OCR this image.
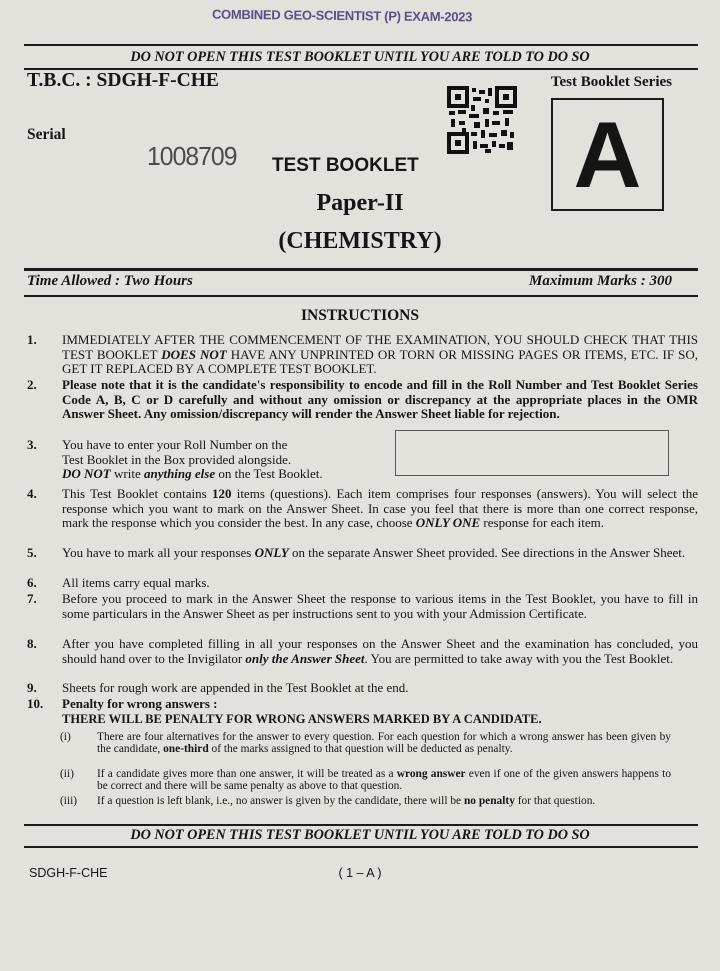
COMBINED GEO-SCIENTIST (P) EXAM-2023
DO NOT OPEN THIS TEST BOOKLET UNTIL YOU ARE TOLD TO DO SO
T.B.C. : SDGH-F-CHE	Test Booklet Series
A
Serial
1008709 TEST BOOKLET
Paper-II
(CHEMISTRY)
Time Allowed : Two Hours	Maximum Marks : 300
INSTRUCTIONS
1.	IMMEDIATELY AFTER THE COMMENCEMENT OF THE EXAMINATION, YOU SHOULD CHECK THAT THIS TEST BOOKLET DOES NOT HAVE ANY UNPRINTED OR TORN OR MISSING PAGES OR ITEMS, ETC. IF SO, GET IT REPLACED BY A COMPLETE TEST BOOKLET.
2.	Please note that it is the candidate's responsibility to encode and fill in the Roll Number and Test Booklet Series Code A, B, C or D carefully and without any omission or discrepancy at the appropriate places in the OMR Answer Sheet. Any omission/discrepancy will render the Answer Sheet liable for rejection.
3.	You have to enter your Roll Number on the
Test Booklet in the Box provided alongside.
DO NOT write anything else on the Test Booklet.
4.	This Test Booklet contains 120 items (questions). Each item comprises four responses (answers). You will select the response which you want to mark on the Answer Sheet. In case you feel that there is more than one correct response, mark the response which you consider the best. In any case, choose ONLY ONE response for each item.
5.	You have to mark all your responses ONLY on the separate Answer Sheet provided. See directions in the Answer Sheet.
6.	All items carry equal marks.
7.	Before you proceed to mark in the Answer Sheet the response to various items in the Test Booklet, you have to fill in some particulars in the Answer Sheet as per instructions sent to you with your Admission Certificate.
8.	After you have completed filling in all your responses on the Answer Sheet and the examination has concluded, you should hand over to the Invigilator only the Answer Sheet. You are permitted to take away with you the Test Booklet.
9.	Sheets for rough work are appended in the Test Booklet at the end.
10.	Penalty for wrong answers :
THERE WILL BE PENALTY FOR WRONG ANSWERS MARKED BY A CANDIDATE.
(i) There are four alternatives for the answer to every question. For each question for which a wrong answer has been given by the candidate, one-third of the marks assigned to that question will be deducted as penalty.
(ii) If a candidate gives more than one answer, it will be treated as a wrong answer even if one of the given answers happens to be correct and there will be same penalty as above to that question.
(iii) If a question is left blank, i.e., no answer is given by the candidate, there will be no penalty for that question.
DO NOT OPEN THIS TEST BOOKLET UNTIL YOU ARE TOLD TO DO SO
SDGH-F-CHE	( 1 – A )
